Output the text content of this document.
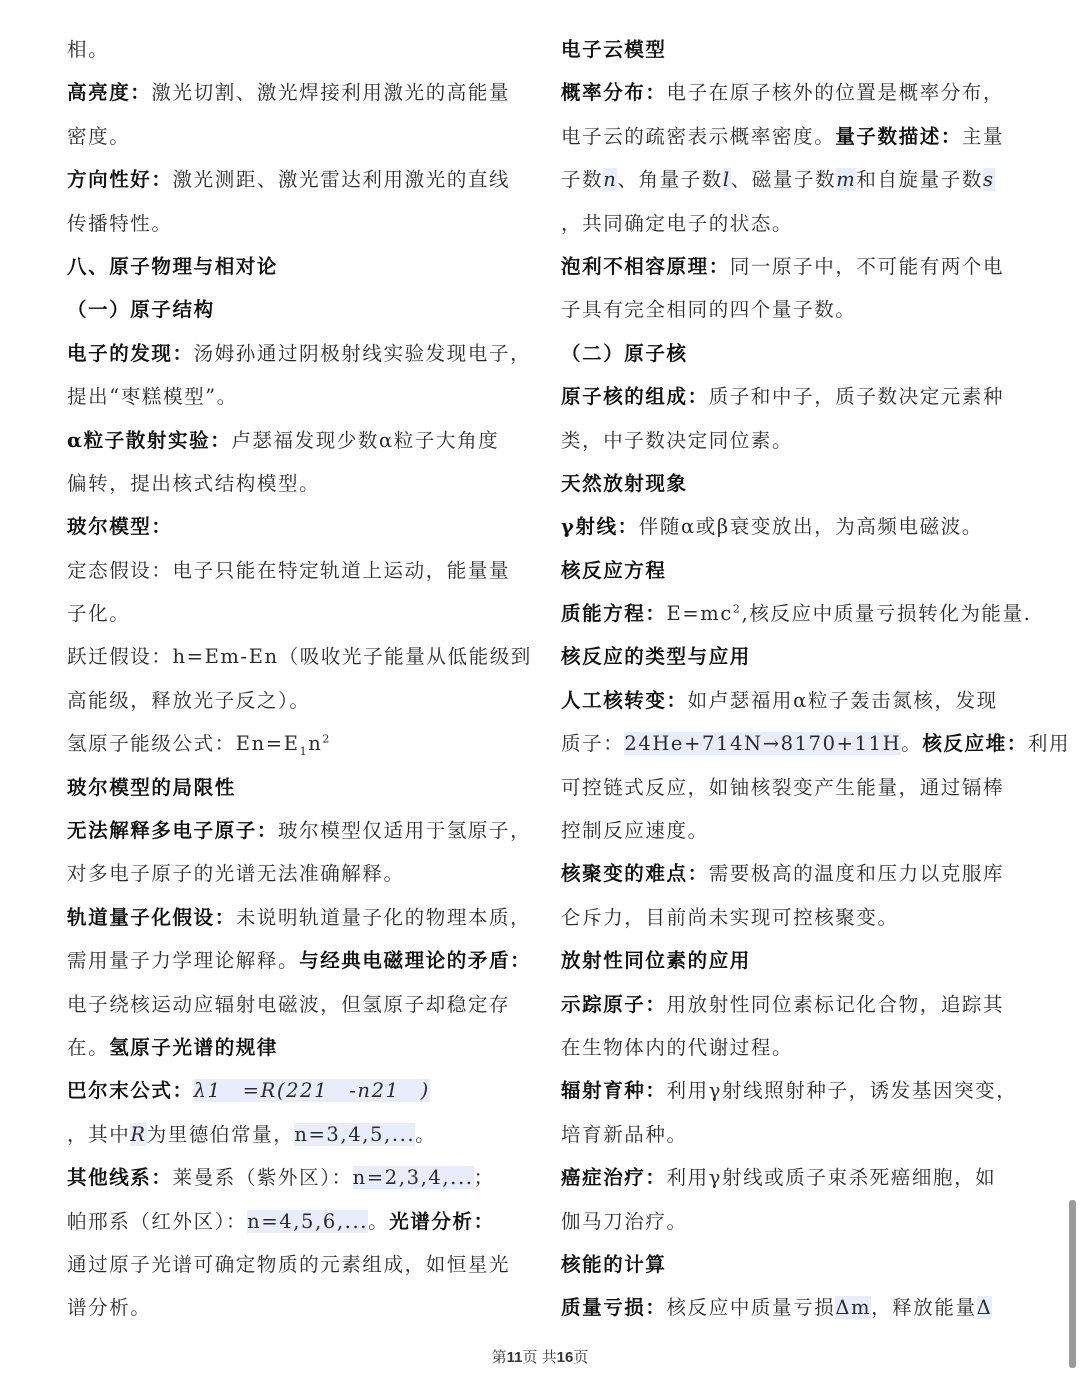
相。
高亮度：激光切割、激光焊接利用激光的高能量
密度。
方向性好：激光测距、激光雷达利用激光的直线
传播特性。
八、原子物理与相对论
（一）原子结构
电子的发现：汤姆孙通过阴极射线实验发现电子，
提出“枣糕模型”。
α粒子散射实验：卢瑟福发现少数α粒子大角度
偏转，提出核式结构模型。
玻尔模型：
定态假设：电子只能在特定轨道上运动，能量量
子化。
跃迁假设：h=Em-En（吸收光子能量从低能级到
高能级，释放光子反之）。
氢原子能级公式：$En=E_1n^2$
玻尔模型的局限性
无法解释多电子原子：玻尔模型仅适用于氢原子，
对多电子原子的光谱无法准确解释。
轨道量子化假设：未说明轨道量子化的物理本质，
需用量子力学理论解释。与经典电磁理论的矛盾：
电子绕核运动应辐射电磁波，但氢原子却稳定存
在。氢原子光谱的规律
巴尔末公式：λ1　=R(221　-n21　)
，其中R为里德伯常量，n=3,4,5,...。
其他线系：莱曼系（紫外区）：n=2,3,4,...；
帕邢系（红外区）：n=4,5,6,...。光谱分析：
通过原子光谱可确定物质的元素组成，如恒星光
谱分析。
电子云模型
概率分布：电子在原子核外的位置是概率分布，
电子云的疏密表示概率密度。量子数描述：主量
子数n、角量子数l、磁量子数m和自旋量子数s
，共同确定电子的状态。
泡利不相容原理：同一原子中，不可能有两个电
子具有完全相同的四个量子数。
（二）原子核
原子核的组成：质子和中子，质子数决定元素种
类，中子数决定同位素。
天然放射现象
γ射线：伴随α或β衰变放出，为高频电磁波。
核反应方程
质能方程：$E=mc^2$,核反应中质量亏损转化为能量.
核反应的类型与应用
人工核转变：如卢瑟福用α粒子轰击氮核，发现
质子：24He+714N→8170+11H。核反应堆：利用
可控链式反应，如铀核裂变产生能量，通过镉棒
控制反应速度。
核聚变的难点：需要极高的温度和压力以克服库
仑斥力，目前尚未实现可控核聚变。
放射性同位素的应用
示踪原子：用放射性同位素标记化合物，追踪其
在生物体内的代谢过程。
辐射育种：利用γ射线照射种子，诱发基因突变，
培育新品种。
癌症治疗：利用γ射线或质子束杀死癌细胞，如
伽马刀治疗。
核能的计算
质量亏损：核反应中质量亏损Δm，释放能量Δ
第11页 共16页
